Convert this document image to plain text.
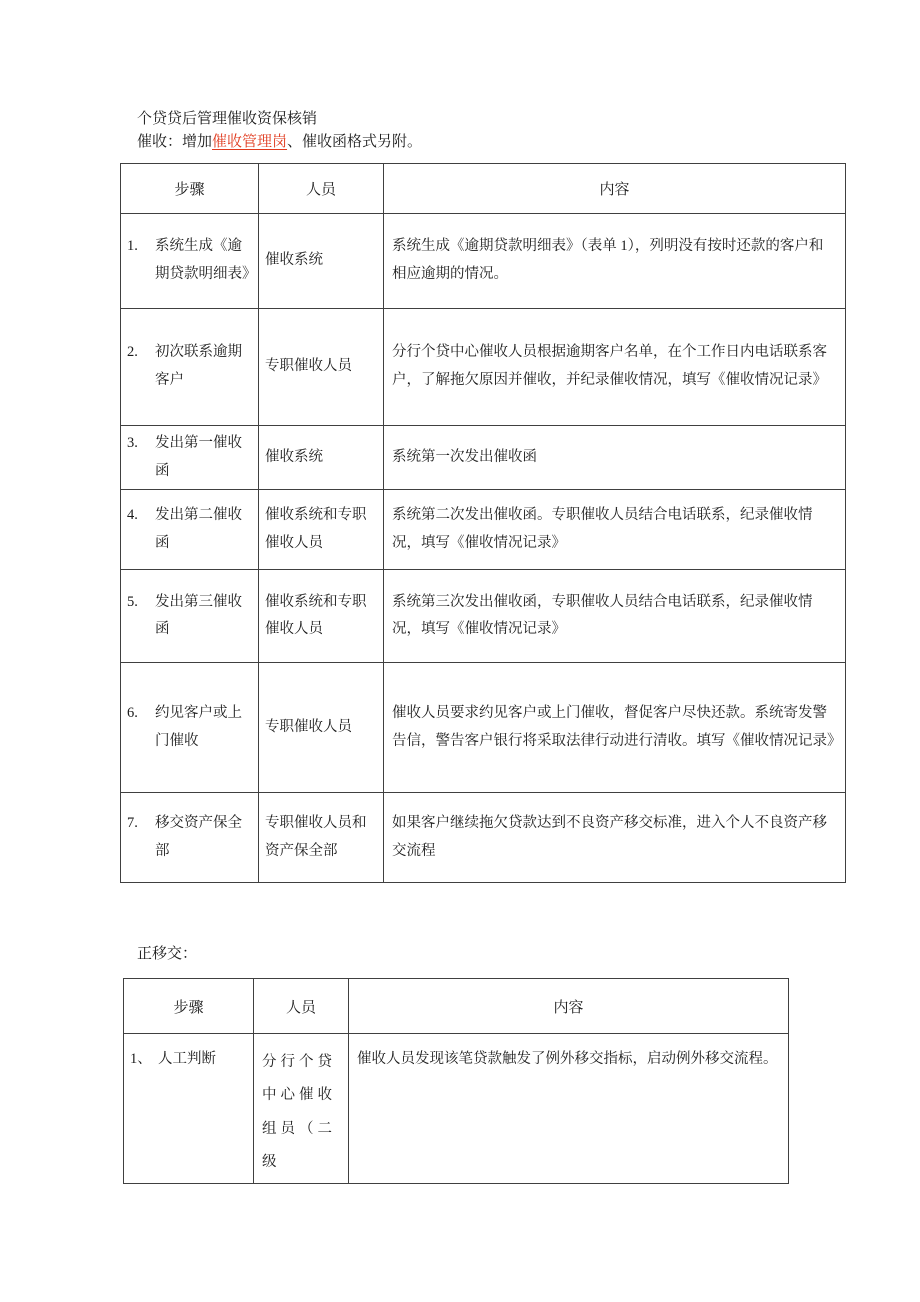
个贷贷后管理催收资保核销
催收：增加催收管理岗、催收函格式另附。
步骤	人员	内容

1. 系统生成《逾期贷款明细表》	催收系统	系统生成《逾期贷款明细表》（表单 1），列明没有按时还款的客户和相应逾期的情况。

2. 初次联系逾期客户	专职催收人员	分行个贷中心催收人员根据逾期客户名单，在个工作日内电话联系客户，了解拖欠原因并催收，并纪录催收情况，填写《催收情况记录》

3. 发出第一催收函	催收系统	系统第一次发出催收函

4. 发出第二催收函	催收系统和专职催收人员	系统第二次发出催收函。专职催收人员结合电话联系，纪录催收情况，填写《催收情况记录》

5. 发出第三催收函	催收系统和专职催收人员	系统第三次发出催收函，专职催收人员结合电话联系，纪录催收情况，填写《催收情况记录》

6. 约见客户或上门催收	专职催收人员	催收人员要求约见客户或上门催收，督促客户尽快还款。系统寄发警告信，警告客户银行将采取法律行动进行清收。填写《催收情况记录》

7. 移交资产保全部	专职催收人员和资产保全部	如果客户继续拖欠贷款达到不良资产移交标准，进入个人不良资产移交流程
正移交：
步骤	人员	内容

1、 人工判断	分行个贷中心催收组员（二级	催收人员发现该笔贷款触发了例外移交指标，启动例外移交流程。
